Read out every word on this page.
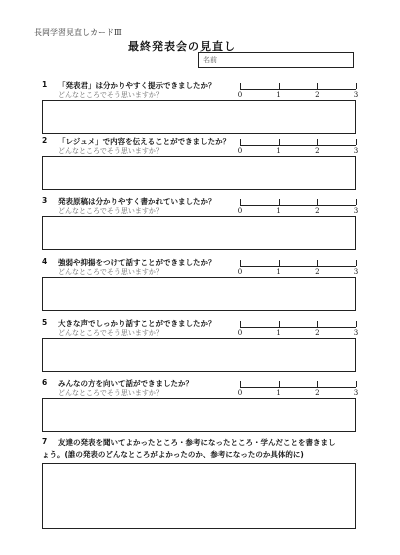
長岡学習見直しカードⅢ
最終発表会の見直し
名前
1 「発表君」は分かりやすく提示できましたか？
どんなところでそう思いますか？	0	1	2	3
2 「レジュメ」で内容を伝えることができましたか？
どんなところでそう思いますか？	0	1	2	3
3 発表原稿は分かりやすく書かれていましたか？
どんなところでそう思いますか？	0	1	2	3
4 強弱や抑揚をつけて話すことができましたか？
どんなところでそう思いますか？	0	1	2	3
5 大きな声でしっかり話すことができましたか？
どんなところでそう思いますか？	0	1	2	3
6 みんなの方を向いて話ができましたか？
どんなところでそう思いますか？	0	1	2	3
7 友達の発表を聞いてよかったところ・参考になったところ・学んだことを書きまし
ょう。(誰の発表のどんなところがよかったのか、参考になったのか具体的に)
